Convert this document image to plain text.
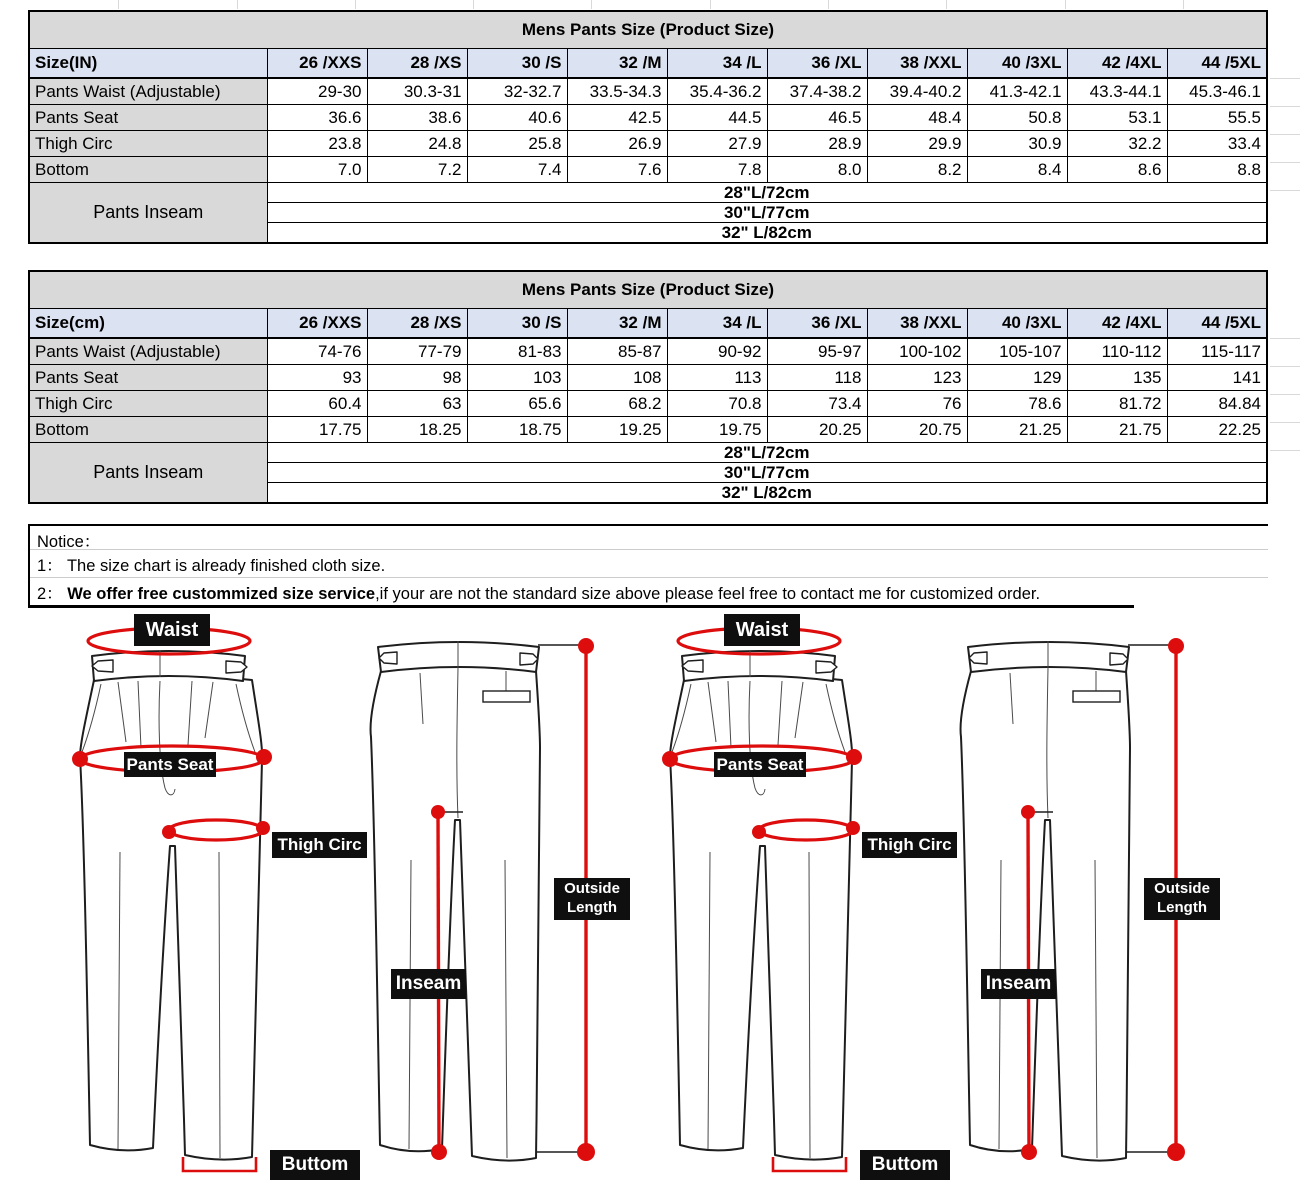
Mens Pants Size (Product Size)										
Size(IN)	26 /XXS	28 /XS	30 /S	32 /M	34 /L	36 /XL	38 /XXL	40 /3XL	42 /4XL	44 /5XL
Pants Waist (Adjustable)	29-30	30.3-31	32-32.7	33.5-34.3	35.4-36.2	37.4-38.2	39.4-40.2	41.3-42.1	43.3-44.1	45.3-46.1
Pants Seat	36.6	38.6	40.6	42.5	44.5	46.5	48.4	50.8	53.1	55.5
Thigh Circ	23.8	24.8	25.8	26.9	27.9	28.9	29.9	30.9	32.2	33.4
Bottom	7.0	7.2	7.4	7.6	7.8	8.0	8.2	8.4	8.6	8.8
Pants Inseam	28"L/72cm									
	30"L/77cm									
	32" L/82cm									
Mens Pants Size (Product Size)										
Size(cm)	26 /XXS	28 /XS	30 /S	32 /M	34 /L	36 /XL	38 /XXL	40 /3XL	42 /4XL	44 /5XL
Pants Waist (Adjustable)	74-76	77-79	81-83	85-87	90-92	95-97	100-102	105-107	110-112	115-117
Pants Seat	93	98	103	108	113	118	123	129	135	141
Thigh Circ	60.4	63	65.6	68.2	70.8	73.4	76	78.6	81.72	84.84
Bottom	17.75	18.25	18.75	19.25	19.75	20.25	20.75	21.25	21.75	22.25
Pants Inseam	28"L/72cm									
	30"L/77cm									
	32" L/82cm									
Notice：
1： The size chart is already finished cloth size.
2： We offer free custommized size service,if your are not the standard size above please feel free to contact me for customized order.
Waist
Pants Seat
Thigh Circ
Buttom
Inseam
Outside Length
Waist
Pants Seat
Thigh Circ
Buttom
Inseam
Outside Length
